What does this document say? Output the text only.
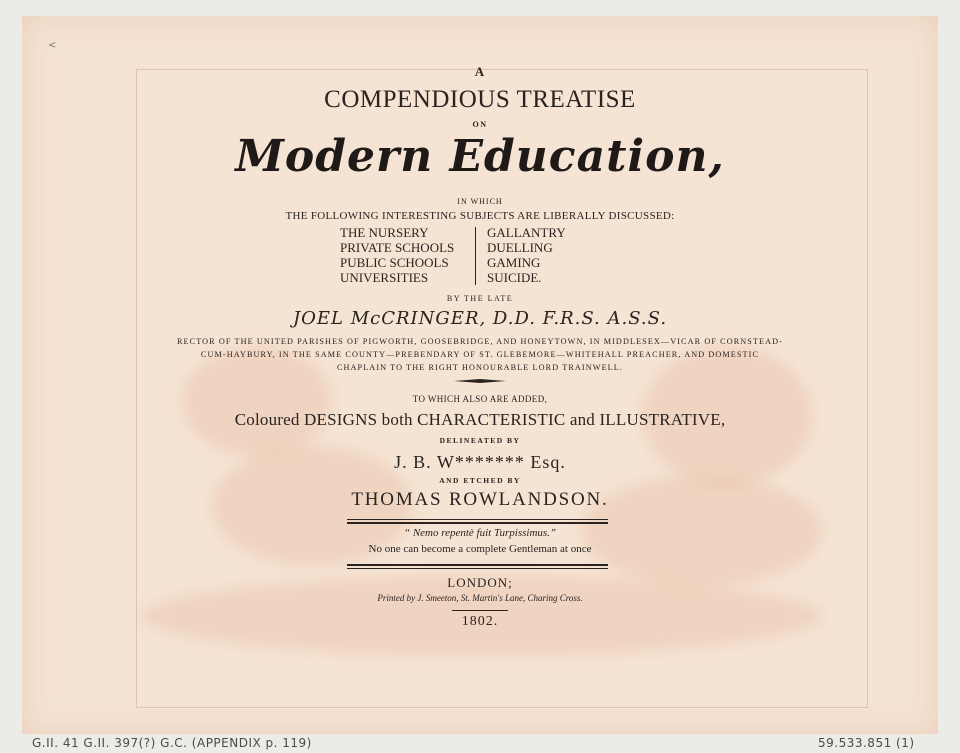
<
A
COMPENDIOUS TREATISE
ON
Modern Education,
IN WHICH
THE FOLLOWING INTERESTING SUBJECTS ARE LIBERALLY DISCUSSED:
THE NURSERY
PRIVATE SCHOOLS
PUBLIC SCHOOLS
UNIVERSITIES
GALLANTRY
DUELLING
GAMING
SUICIDE.
BY THE LATE
JOEL McCRINGER, D.D. F.R.S. A.S.S.
RECTOR OF THE UNITED PARISHES OF PIGWORTH, GOOSEBRIDGE, AND HONEYTOWN, IN MIDDLESEX—VICAR OF CORNSTEAD-
CUM-HAYBURY, IN THE SAME COUNTY—PREBENDARY OF ST. GLEBEMORE—WHITEHALL PREACHER, AND DOMESTIC
CHAPLAIN TO THE RIGHT HONOURABLE LORD TRAINWELL.
TO WHICH ALSO ARE ADDED,
Coloured DESIGNS both CHARACTERISTIC and ILLUSTRATIVE,
DELINEATED BY
J. B. W******* Esq.
AND ETCHED BY
THOMAS ROWLANDSON.
“ Nemo repentè fuit Turpissimus.”
No one can become a complete Gentleman at once
LONDON;
Printed by J. Smeeton, St. Martin's Lane, Charing Cross.
1802.
G.II. 41 G.II. 397(?) G.C. (APPENDIX p. 119)	59.533.851 (1)
